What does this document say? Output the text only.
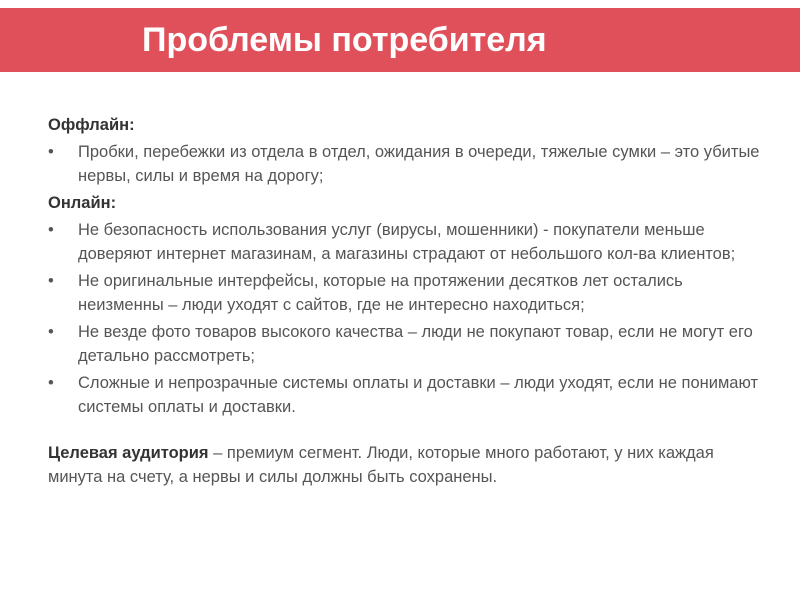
Проблемы потребителя

Оффлайн:

•	Пробки, перебежки из отдела в отдел, ожидания в очереди, тяжелые сумки – это убитые нервы, силы и время на дорогу;

Онлайн:

•	Не безопасность использования услуг (вирусы, мошенники) - покупатели меньше доверяют интернет магазинам, а магазины страдают от небольшого кол-ва клиентов;
•	Не оригинальные интерфейсы, которые на протяжении десятков лет остались неизменны – люди уходят с сайтов, где не интересно находиться;
•	Не везде фото товаров высокого качества – люди не покупают товар, если не могут его детально рассмотреть;
•	Сложные и непрозрачные системы оплаты и доставки – люди уходят, если не понимают системы оплаты и доставки.

Целевая аудитория – премиум сегмент. Люди, которые много работают, у них каждая минута на счету, а нервы и силы должны быть сохранены.
